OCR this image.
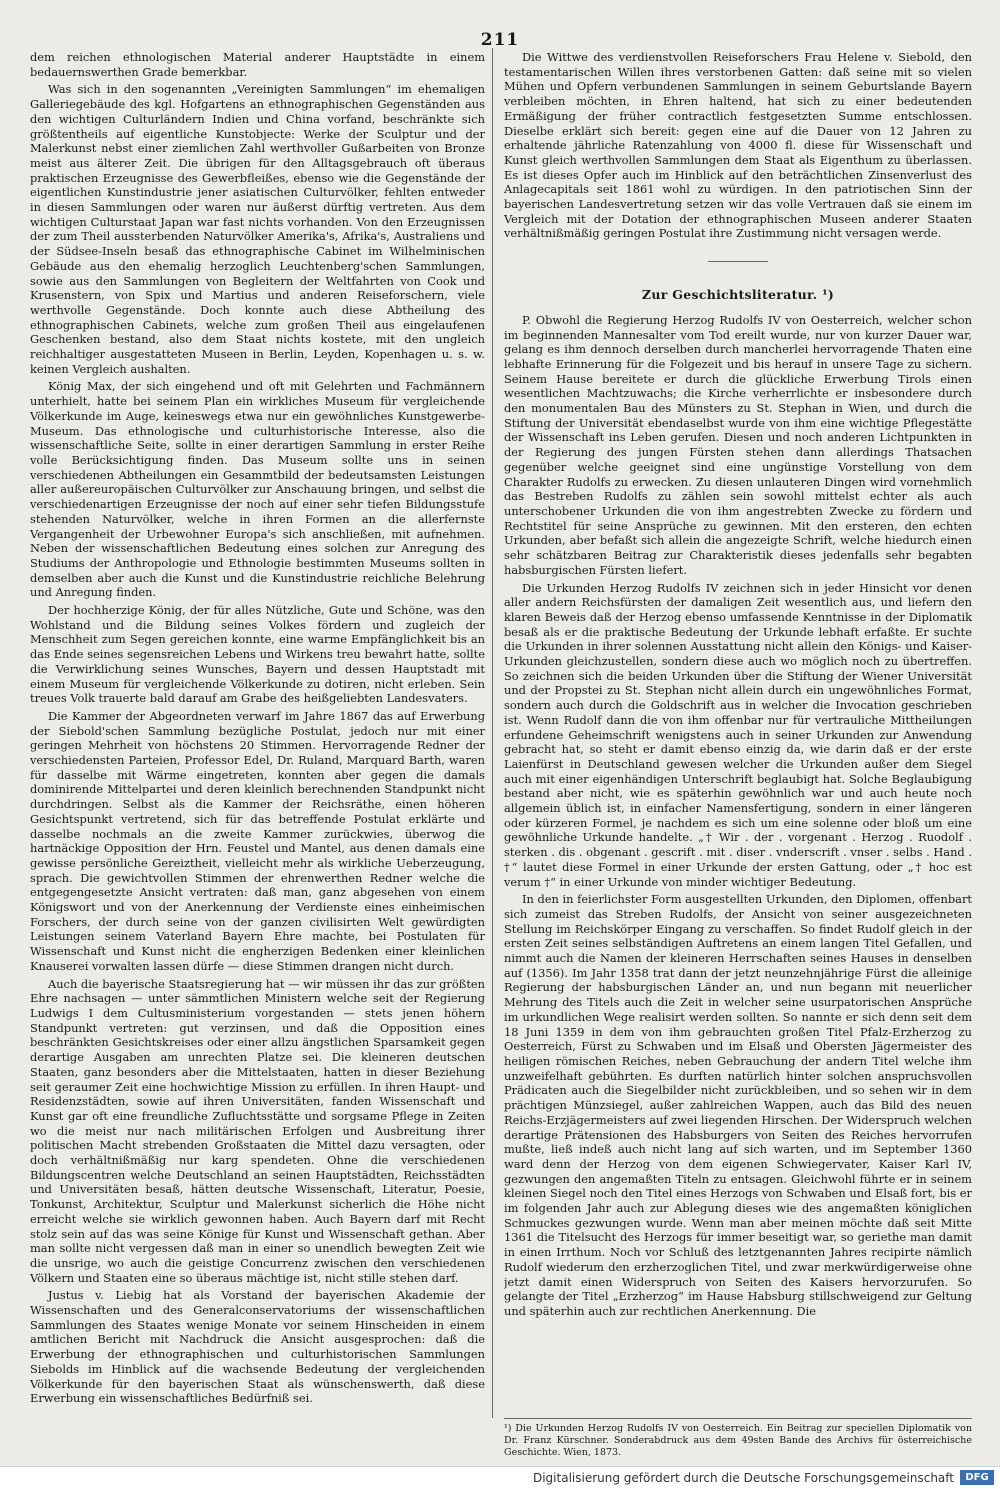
211

dem reichen ethnologischen Material anderer Hauptstädte in einem bedauernswerthen Grade bemerkbar.

Was sich in den sogenannten „Vereinigten Sammlungen“ im ehemaligen Galleriegebäude des kgl. Hofgartens an ethnographischen Gegenständen aus den wichtigen Culturländern Indien und China vorfand, beschränkte sich größtentheils auf eigentliche Kunstobjecte: Werke der Sculptur und der Malerkunst nebst einer ziemlichen Zahl werthvoller Gußarbeiten von Bronze meist aus älterer Zeit. Die übrigen für den Alltagsgebrauch oft überaus praktischen Erzeugnisse des Gewerbfleißes, ebenso wie die Gegenstände der eigentlichen Kunstindustrie jener asiatischen Culturvölker, fehlten entweder in diesen Sammlungen oder waren nur äußerst dürftig vertreten. Aus dem wichtigen Culturstaat Japan war fast nichts vorhanden. Von den Erzeugnissen der zum Theil aussterbenden Naturvölker Amerika's, Afrika's, Australiens und der Südsee-Inseln besaß das ethnographische Cabinet im Wilhelminischen Gebäude aus den ehemalig herzoglich Leuchtenberg'schen Sammlungen, sowie aus den Sammlungen von Begleitern der Weltfahrten von Cook und Krusenstern, von Spix und Martius und anderen Reiseforschern, viele werthvolle Gegenstände. Doch konnte auch diese Abtheilung des ethnographischen Cabinets, welche zum großen Theil aus eingelaufenen Geschenken bestand, also dem Staat nichts kostete, mit den ungleich reichhaltiger ausgestatteten Museen in Berlin, Leyden, Kopenhagen u. s. w. keinen Vergleich aushalten.

König Max, der sich eingehend und oft mit Gelehrten und Fachmännern unterhielt, hatte bei seinem Plan ein wirkliches Museum für vergleichende Völkerkunde im Auge, keineswegs etwa nur ein gewöhnliches Kunstgewerbe-Museum. Das ethnologische und culturhistorische Interesse, also die wissenschaftliche Seite, sollte in einer derartigen Sammlung in erster Reihe volle Berücksichtigung finden. Das Museum sollte uns in seinen verschiedenen Abtheilungen ein Gesammtbild der bedeutsamsten Leistungen aller außereuropäischen Culturvölker zur Anschauung bringen, und selbst die verschiedenartigen Erzeugnisse der noch auf einer sehr tiefen Bildungsstufe stehenden Naturvölker, welche in ihren Formen an die allerfernste Vergangenheit der Urbewohner Europa's sich anschließen, mit aufnehmen. Neben der wissenschaftlichen Bedeutung eines solchen zur Anregung des Studiums der Anthropologie und Ethnologie bestimmten Museums sollten in demselben aber auch die Kunst und die Kunstindustrie reichliche Belehrung und Anregung finden.

Der hochherzige König, der für alles Nützliche, Gute und Schöne, was den Wohlstand und die Bildung seines Volkes fördern und zugleich der Menschheit zum Segen gereichen konnte, eine warme Empfänglichkeit bis an das Ende seines segensreichen Lebens und Wirkens treu bewahrt hatte, sollte die Verwirklichung seines Wunsches, Bayern und dessen Hauptstadt mit einem Museum für vergleichende Völkerkunde zu dotiren, nicht erleben. Sein treues Volk trauerte bald darauf am Grabe des heißgeliebten Landesvaters.

Die Kammer der Abgeordneten verwarf im Jahre 1867 das auf Erwerbung der Siebold'schen Sammlung bezügliche Postulat, jedoch nur mit einer geringen Mehrheit von höchstens 20 Stimmen. Hervorragende Redner der verschiedensten Parteien, Professor Edel, Dr. Ruland, Marquard Barth, waren für dasselbe mit Wärme eingetreten, konnten aber gegen die damals dominirende Mittelpartei und deren kleinlich berechnenden Standpunkt nicht durchdringen. Selbst als die Kammer der Reichsräthe, einen höheren Gesichtspunkt vertretend, sich für das betreffende Postulat erklärte und dasselbe nochmals an die zweite Kammer zurückwies, überwog die hartnäckige Opposition der Hrn. Feustel und Mantel, aus denen damals eine gewisse persönliche Gereiztheit, vielleicht mehr als wirkliche Ueberzeugung, sprach. Die gewichtvollen Stimmen der ehrenwerthen Redner welche die entgegengesetzte Ansicht vertraten: daß man, ganz abgesehen von einem Königswort und von der Anerkennung der Verdienste eines einheimischen Forschers, der durch seine von der ganzen civilisirten Welt gewürdigten Leistungen seinem Vaterland Bayern Ehre machte, bei Postulaten für Wissenschaft und Kunst nicht die engherzigen Bedenken einer kleinlichen Knauserei vorwalten lassen dürfe — diese Stimmen drangen nicht durch.

Auch die bayerische Staatsregierung hat — wir müssen ihr das zur größten Ehre nachsagen — unter sämmtlichen Ministern welche seit der Regierung Ludwigs I dem Cultusministerium vorgestanden — stets jenen höhern Standpunkt vertreten: gut verzinsen, und daß die Opposition eines beschränkten Gesichtskreises oder einer allzu ängstlichen Sparsamkeit gegen derartige Ausgaben am unrechten Platze sei. Die kleineren deutschen Staaten, ganz besonders aber die Mittelstaaten, hatten in dieser Beziehung seit geraumer Zeit eine hochwichtige Mission zu erfüllen. In ihren Haupt- und Residenzstädten, sowie auf ihren Universitäten, fanden Wissenschaft und Kunst gar oft eine freundliche Zufluchtsstätte und sorgsame Pflege in Zeiten wo die meist nur nach militärischen Erfolgen und Ausbreitung ihrer politischen Macht strebenden Großstaaten die Mittel dazu versagten, oder doch verhältnißmäßig nur karg spendeten. Ohne die verschiedenen Bildungscentren welche Deutschland an seinen Hauptstädten, Reichsstädten und Universitäten besaß, hätten deutsche Wissenschaft, Literatur, Poesie, Tonkunst, Architektur, Sculptur und Malerkunst sicherlich die Höhe nicht erreicht welche sie wirklich gewonnen haben. Auch Bayern darf mit Recht stolz sein auf das was seine Könige für Kunst und Wissenschaft gethan. Aber man sollte nicht vergessen daß man in einer so unendlich bewegten Zeit wie die unsrige, wo auch die geistige Concurrenz zwischen den verschiedenen Völkern und Staaten eine so überaus mächtige ist, nicht stille stehen darf.

Justus v. Liebig hat als Vorstand der bayerischen Akademie der Wissenschaften und des Generalconservatoriums der wissenschaftlichen Sammlungen des Staates wenige Monate vor seinem Hinscheiden in einem amtlichen Bericht mit Nachdruck die Ansicht ausgesprochen: daß die Erwerbung der ethnographischen und culturhistorischen Sammlungen Siebolds im Hinblick auf die wachsende Bedeutung der vergleichenden Völkerkunde für den bayerischen Staat als wünschenswerth, daß diese Erwerbung ein wissenschaftliches Bedürfniß sei.

Die Wittwe des verdienstvollen Reiseforschers Frau Helene v. Siebold, den testamentarischen Willen ihres verstorbenen Gatten: daß seine mit so vielen Mühen und Opfern verbundenen Sammlungen in seinem Geburtslande Bayern verbleiben möchten, in Ehren haltend, hat sich zu einer bedeutenden Ermäßigung der früher contractlich festgesetzten Summe entschlossen. Dieselbe erklärt sich bereit: gegen eine auf die Dauer von 12 Jahren zu erhaltende jährliche Ratenzahlung von 4000 fl. diese für Wissenschaft und Kunst gleich werthvollen Sammlungen dem Staat als Eigenthum zu überlassen. Es ist dieses Opfer auch im Hinblick auf den beträchtlichen Zinsenverlust des Anlagecapitals seit 1861 wohl zu würdigen. In den patriotischen Sinn der bayerischen Landesvertretung setzen wir das volle Vertrauen daß sie einem im Vergleich mit der Dotation der ethnographischen Museen anderer Staaten verhältnißmäßig geringen Postulat ihre Zustimmung nicht versagen werde.

Zur Geschichtsliteratur. ¹)

P. Obwohl die Regierung Herzog Rudolfs IV von Oesterreich, welcher schon im beginnenden Mannesalter vom Tod ereilt wurde, nur von kurzer Dauer war, gelang es ihm dennoch derselben durch mancherlei hervorragende Thaten eine lebhafte Erinnerung für die Folgezeit und bis herauf in unsere Tage zu sichern. Seinem Hause bereitete er durch die glückliche Erwerbung Tirols einen wesentlichen Machtzuwachs; die Kirche verherrlichte er insbesondere durch den monumentalen Bau des Münsters zu St. Stephan in Wien, und durch die Stiftung der Universität ebendaselbst wurde von ihm eine wichtige Pflegestätte der Wissenschaft ins Leben gerufen. Diesen und noch anderen Lichtpunkten in der Regierung des jungen Fürsten stehen dann allerdings Thatsachen gegenüber welche geeignet sind eine ungünstige Vorstellung von dem Charakter Rudolfs zu erwecken. Zu diesen unlauteren Dingen wird vornehmlich das Bestreben Rudolfs zu zählen sein sowohl mittelst echter als auch unterschobener Urkunden die von ihm angestrebten Zwecke zu fördern und Rechtstitel für seine Ansprüche zu gewinnen. Mit den ersteren, den echten Urkunden, aber befaßt sich allein die angezeigte Schrift, welche hiedurch einen sehr schätzbaren Beitrag zur Charakteristik dieses jedenfalls sehr begabten habsburgischen Fürsten liefert.

Die Urkunden Herzog Rudolfs IV zeichnen sich in jeder Hinsicht vor denen aller andern Reichsfürsten der damaligen Zeit wesentlich aus, und liefern den klaren Beweis daß der Herzog ebenso umfassende Kenntnisse in der Diplomatik besaß als er die praktische Bedeutung der Urkunde lebhaft erfaßte. Er suchte die Urkunden in ihrer solennen Ausstattung nicht allein den Königs- und Kaiser-Urkunden gleichzustellen, sondern diese auch wo möglich noch zu übertreffen. So zeichnen sich die beiden Urkunden über die Stiftung der Wiener Universität und der Propstei zu St. Stephan nicht allein durch ein ungewöhnliches Format, sondern auch durch die Goldschrift aus in welcher die Invocation geschrieben ist. Wenn Rudolf dann die von ihm offenbar nur für vertrauliche Mittheilungen erfundene Geheimschrift wenigstens auch in seiner Urkunden zur Anwendung gebracht hat, so steht er damit ebenso einzig da, wie darin daß er der erste Laienfürst in Deutschland gewesen welcher die Urkunden außer dem Siegel auch mit einer eigenhändigen Unterschrift beglaubigt hat. Solche Beglaubigung bestand aber nicht, wie es späterhin gewöhnlich war und auch heute noch allgemein üblich ist, in einfacher Namensfertigung, sondern in einer längeren oder kürzeren Formel, je nachdem es sich um eine solenne oder bloß um eine gewöhnliche Urkunde handelte. „† Wir . der . vorgenant . Herzog . Ruodolf . sterken . dis . obgenant . gescrift . mit . diser . vnderscrift . vnser . selbs . Hand . †“ lautet diese Formel in einer Urkunde der ersten Gattung, oder „† hoc est verum †“ in einer Urkunde von minder wichtiger Bedeutung.

In den in feierlichster Form ausgestellten Urkunden, den Diplomen, offenbart sich zumeist das Streben Rudolfs, der Ansicht von seiner ausgezeichneten Stellung im Reichskörper Eingang zu verschaffen. So findet Rudolf gleich in der ersten Zeit seines selbständigen Auftretens an einem langen Titel Gefallen, und nimmt auch die Namen der kleineren Herrschaften seines Hauses in denselben auf (1356). Im Jahr 1358 trat dann der jetzt neunzehnjährige Fürst die alleinige Regierung der habsburgischen Länder an, und nun begann mit neuerlicher Mehrung des Titels auch die Zeit in welcher seine usurpatorischen Ansprüche im urkundlichen Wege realisirt werden sollten. So nannte er sich denn seit dem 18 Juni 1359 in dem von ihm gebrauchten großen Titel Pfalz-Erzherzog zu Oesterreich, Fürst zu Schwaben und im Elsaß und Obersten Jägermeister des heiligen römischen Reiches, neben Gebrauchung der andern Titel welche ihm unzweifelhaft gebührten. Es durften natürlich hinter solchen anspruchsvollen Prädicaten auch die Siegelbilder nicht zurückbleiben, und so sehen wir in dem prächtigen Münzsiegel, außer zahlreichen Wappen, auch das Bild des neuen Reichs-Erzjägermeisters auf zwei liegenden Hirschen. Der Widerspruch welchen derartige Prätensionen des Habsburgers von Seiten des Reiches hervorrufen mußte, ließ indeß auch nicht lang auf sich warten, und im September 1360 ward denn der Herzog von dem eigenen Schwiegervater, Kaiser Karl IV, gezwungen den angemaßten Titeln zu entsagen. Gleichwohl führte er in seinem kleinen Siegel noch den Titel eines Herzogs von Schwaben und Elsaß fort, bis er im folgenden Jahr auch zur Ablegung dieses wie des angemaßten königlichen Schmuckes gezwungen wurde. Wenn man aber meinen möchte daß seit Mitte 1361 die Titelsucht des Herzogs für immer beseitigt war, so geriethe man damit in einen Irrthum. Noch vor Schluß des letztgenannten Jahres recipirte nämlich Rudolf wiederum den erzherzoglichen Titel, und zwar merkwürdigerweise ohne jetzt damit einen Widerspruch von Seiten des Kaisers hervorzurufen. So gelangte der Titel „Erzherzog“ im Hause Habsburg stillschweigend zur Geltung und späterhin auch zur rechtlichen Anerkennung. Die

¹) Die Urkunden Herzog Rudolfs IV von Oesterreich. Ein Beitrag zur speciellen Diplomatik von Dr. Franz Kürschner. Sonderabdruck aus dem 49sten Bande des Archivs für österreichische Geschichte. Wien, 1873.
Digitalisierung gefördert durch die Deutsche Forschungsgemeinschaft	DFG
